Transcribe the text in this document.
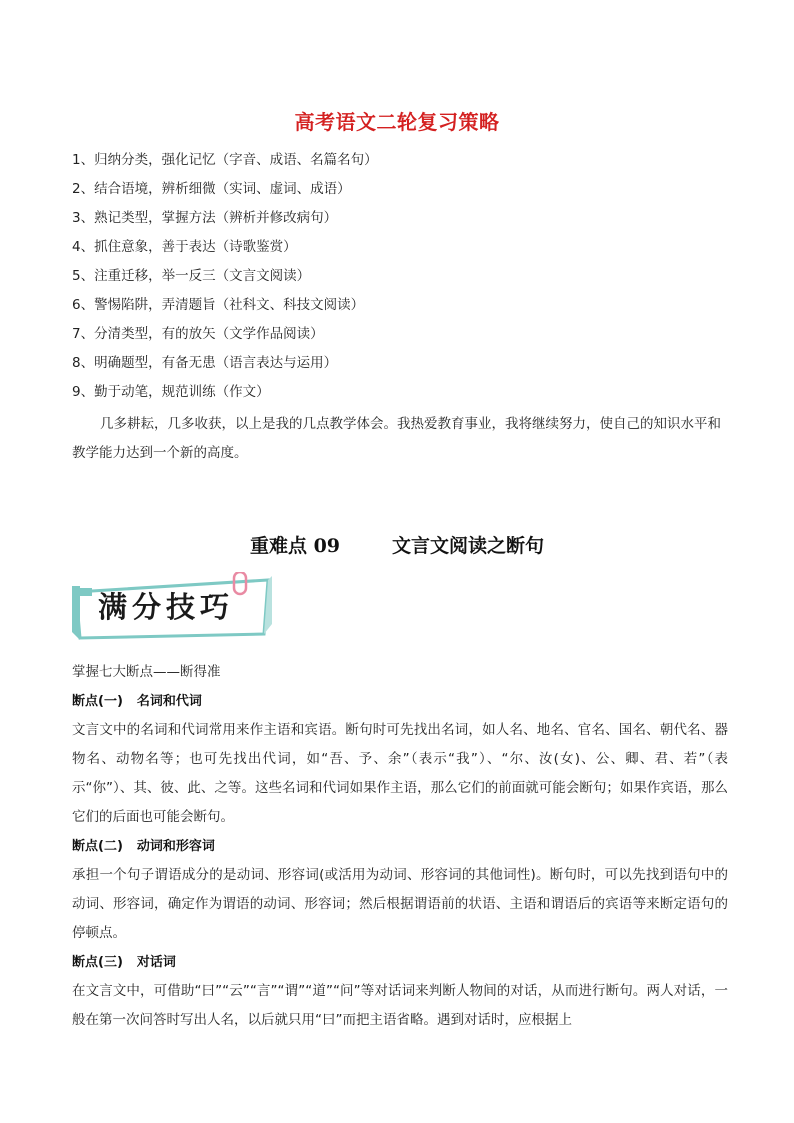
高考语文二轮复习策略
1、归纳分类，强化记忆（字音、成语、名篇名句）
2、结合语境，辨析细微（实词、虚词、成语）
3、熟记类型，掌握方法（辨析并修改病句）
4、抓住意象，善于表达（诗歌鉴赏）
5、注重迁移，举一反三（文言文阅读）
6、警惕陷阱，弄清题旨（社科文、科技文阅读）
7、分清类型，有的放矢（文学作品阅读）
8、明确题型，有备无患（语言表达与运用）
9、勤于动笔，规范训练（作文）

几多耕耘，几多收获，以上是我的几点教学体会。我热爱教育事业，我将继续努力，使自己的知识水平和教学能力达到一个新的高度。

重难点 09	文言文阅读之断句
满分技巧

掌握七大断点——断得准

断点(一) 名词和代词

文言文中的名词和代词常用来作主语和宾语。断句时可先找出名词，如人名、地名、官名、国名、朝代名、器物名、动物名等；也可先找出代词，如“吾、予、余”（表示“我”）、“尔、汝(女)、公、卿、君、若”（表示“你”）、其、彼、此、之等。这些名词和代词如果作主语，那么它们的前面就可能会断句；如果作宾语，那么它们的后面也可能会断句。

断点(二) 动词和形容词

承担一个句子谓语成分的是动词、形容词(或活用为动词、形容词的其他词性)。断句时，可以先找到语句中的动词、形容词，确定作为谓语的动词、形容词；然后根据谓语前的状语、主语和谓语后的宾语等来断定语句的停顿点。

断点(三) 对话词

在文言文中，可借助“曰”“云”“言”“谓”“道”“问”等对话词来判断人物间的对话，从而进行断句。两人对话，一般在第一次问答时写出人名，以后就只用“曰”而把主语省略。遇到对话时，应根据上
